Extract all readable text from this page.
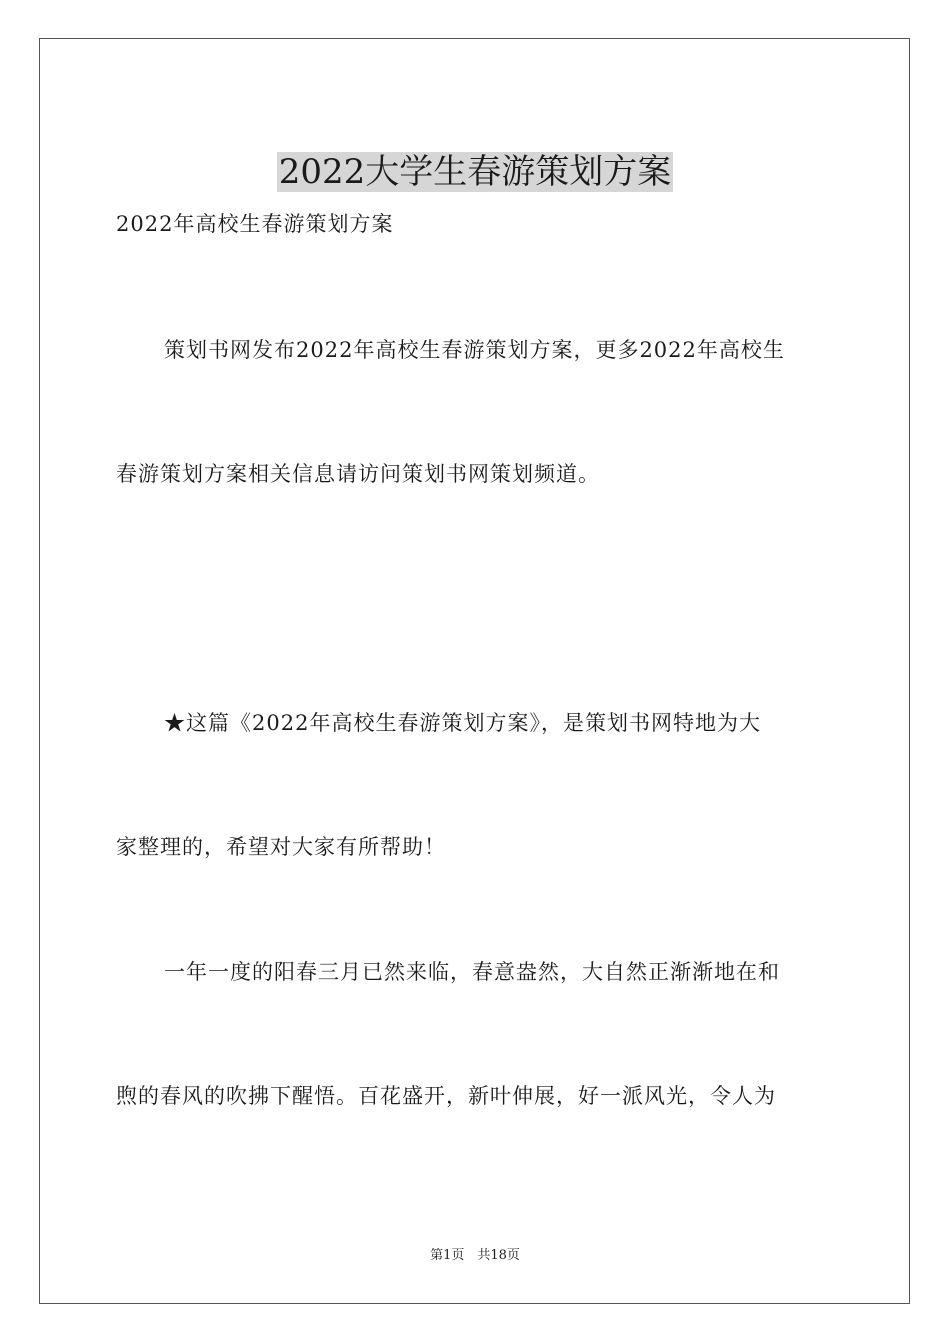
2022大学生春游策划方案
2022年高校生春游策划方案
策划书网发布2022年高校生春游策划方案，更多2022年高校生
春游策划方案相关信息请访问策划书网策划频道。
★这篇《2022年高校生春游策划方案》，是策划书网特地为大
家整理的，希望对大家有所帮助！
一年一度的阳春三月已然来临，春意盎然，大自然正渐渐地在和
煦的春风的吹拂下醒悟。百花盛开，新叶伸展，好一派风光，令人为
第1页　共18页
